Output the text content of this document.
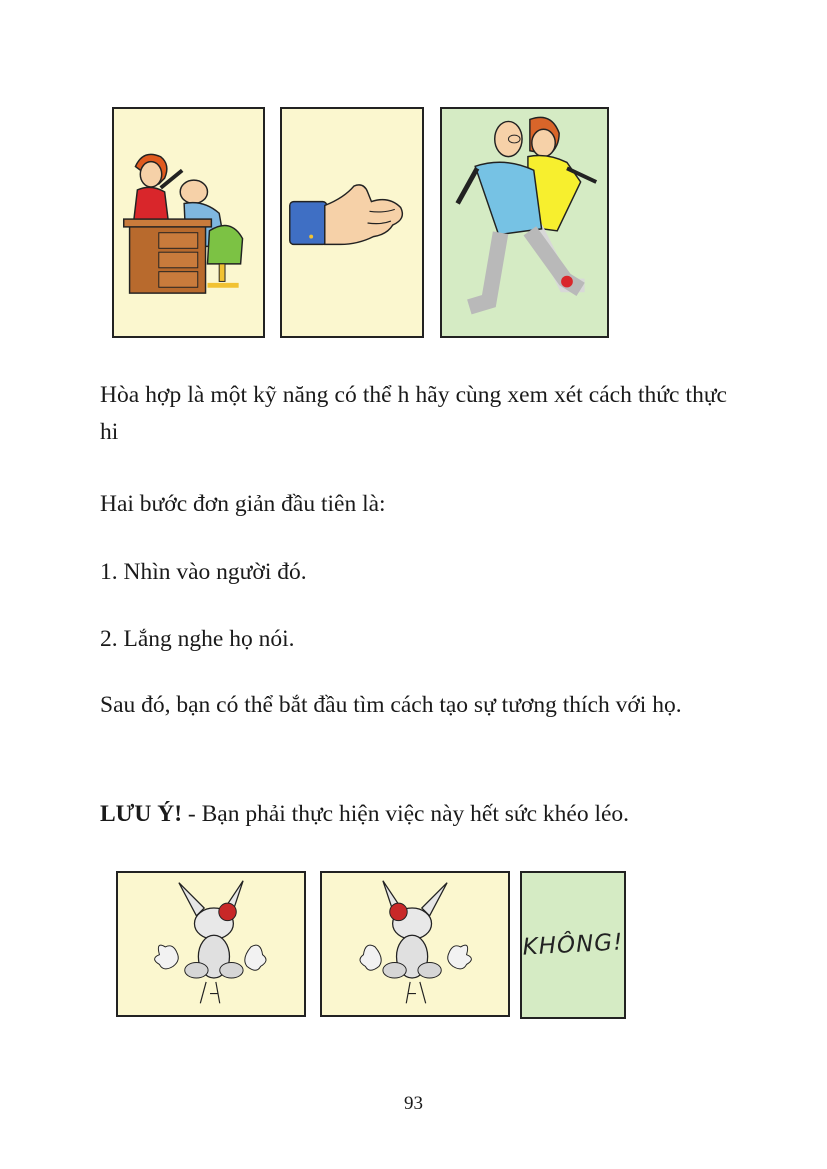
Hòa hợp là một kỹ năng có thể h hãy cùng xem xét cách thức thực hi

Hai bước đơn giản đầu tiên là:

1. Nhìn vào người đó.

2. Lắng nghe họ nói.

Sau đó, bạn có thể bắt đầu tìm cách tạo sự tương thích với họ.

LƯU Ý! - Bạn phải thực hiện việc này hết sức khéo léo.

KHÔNG!
93
